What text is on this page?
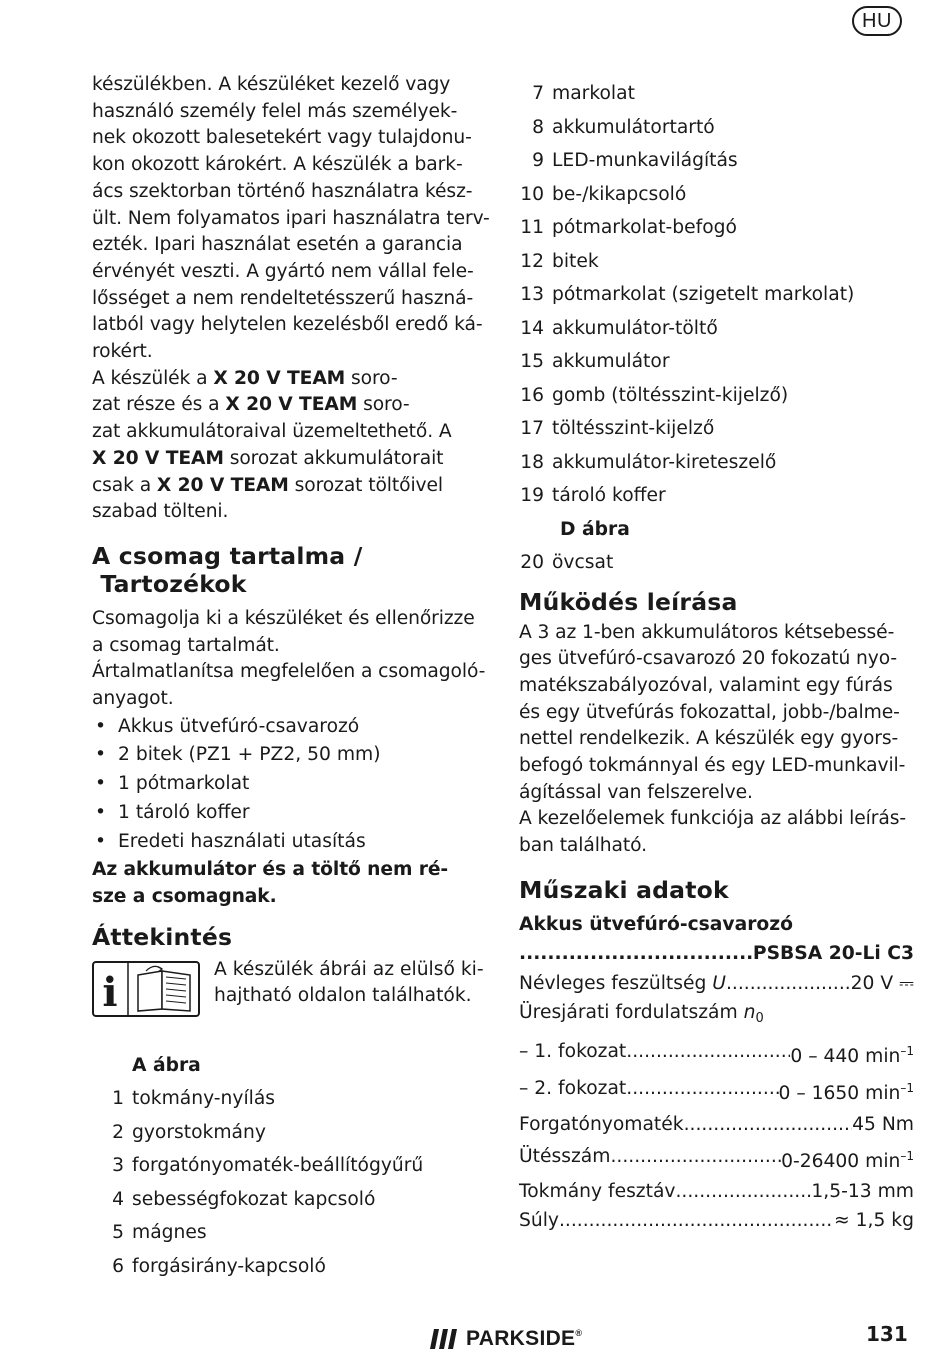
HU
készülékben. A készüléket kezelő vagy
használó személy felel más személyek-
nek okozott balesetekért vagy tulajdonu-
kon okozott károkért. A készülék a bark-
ács szektorban történő használatra kész-
ült. Nem folyamatos ipari használatra terv-
ezték. Ipari használat esetén a garancia
érvényét veszti. A gyártó nem vállal fele-
lősséget a nem rendeltetésszerű haszná-
latból vagy helytelen kezelésből eredő ká-
rokért.
A készülék a X 20 V TEAM soro-
zat része és a X 20 V TEAM soro-
zat akkumulátoraival üzemeltethető. A
X 20 V TEAM sorozat akkumulátorait
csak a X 20 V TEAM sorozat töltőivel
szabad tölteni.
A csomag tartalma /
Tartozékok
Csomagolja ki a készüléket és ellenőrizze
a csomag tartalmát.
Ártalmatlanítsa megfelelően a csomagoló-
anyagot.
• Akkus ütvefúró-csavarozó
• 2 bitek (PZ1 + PZ2, 50 mm)
• 1 pótmarkolat
• 1 tároló koffer
• Eredeti használati utasítás
Az akkumulátor és a töltő nem ré-
sze a csomagnak.
Áttekintés
i	A készülék ábrái az elülső ki-
hajtható oldalon találhatók.
A ábra
1 tokmány-nyílás
2 gyorstokmány
3 forgatónyomaték-beállítógyűrű
4 sebességfokozat kapcsoló
5 mágnes
6 forgásirány-kapcsoló
7 markolat
8 akkumulátortartó
9 LED-munkavilágítás
10 be-/kikapcsoló
11 pótmarkolat-befogó
12 bitek
13 pótmarkolat (szigetelt markolat)
14 akkumulátor-töltő
15 akkumulátor
16 gomb (töltésszint-kijelző)
17 töltésszint-kijelző
18 akkumulátor-kireteszelő
19 tároló koffer
D ábra
20 övcsat
Működés leírása
A 3 az 1-ben akkumulátoros kétsebessé-
ges ütvefúró-csavarozó 20 fokozatú nyo-
matékszabályozóval, valamint egy fúrás
és egy ütvefúrás fokozattal, jobb-/balme-
nettel rendelkezik. A készülék egy gyors-
befogó tokmánnyal és egy LED-munkavil-
ágítással van felszerelve.
A kezelőelemek funkciója az alábbi leírás-
ban található.
Műszaki adatok
Akkus ütvefúró-csavarozó
.....
PSBSA 20-Li C3
Névleges feszültség U .....	20 V ⎓
Üresjárati fordulatszám $n_0$
– 1. fokozat .....	0 – 440 $\min^{-1}$
– 2. fokozat .....	0 – 1650 $\min^{-1}$
Forgatónyomaték .....	45 Nm
Ütésszám .....	0-26400 $\min^{-1}$
Tokmány fesztáv .....	1,5-13 mm
Súly .....	≈ 1,5 kg
PARKSIDE®	131
